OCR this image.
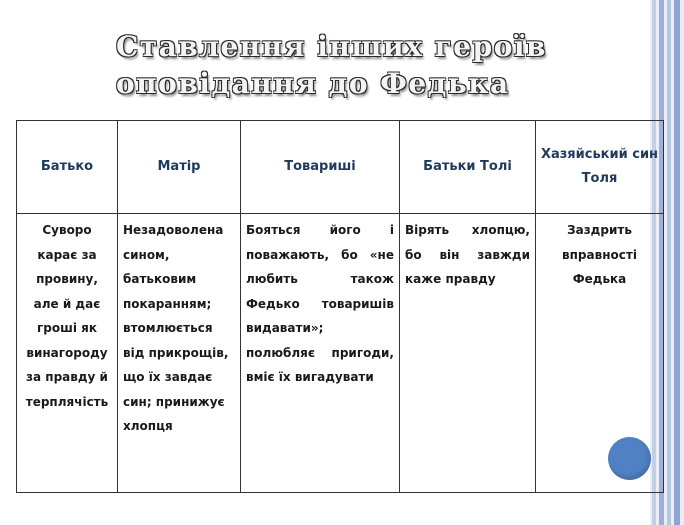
Ставлення інших героїв
оповідання до Федька
Батько	Матір	Товариші	Батьки Толі	Хазяйський син Толя
Суворо карає за провину, але й дає гроші як винагороду за правду й терплячість	Незадоволена сином, батьковим покаранням; втомлюється від прикрощів, що їх завдає син; принижує хлопця	Бояться його і поважають, бо «не любить також Федько товаришів видавати»; полюбляє пригоди, вміє їх вигадувати	Вірять хлопцю, бо він завжди каже правду	Заздрить вправності Федька
